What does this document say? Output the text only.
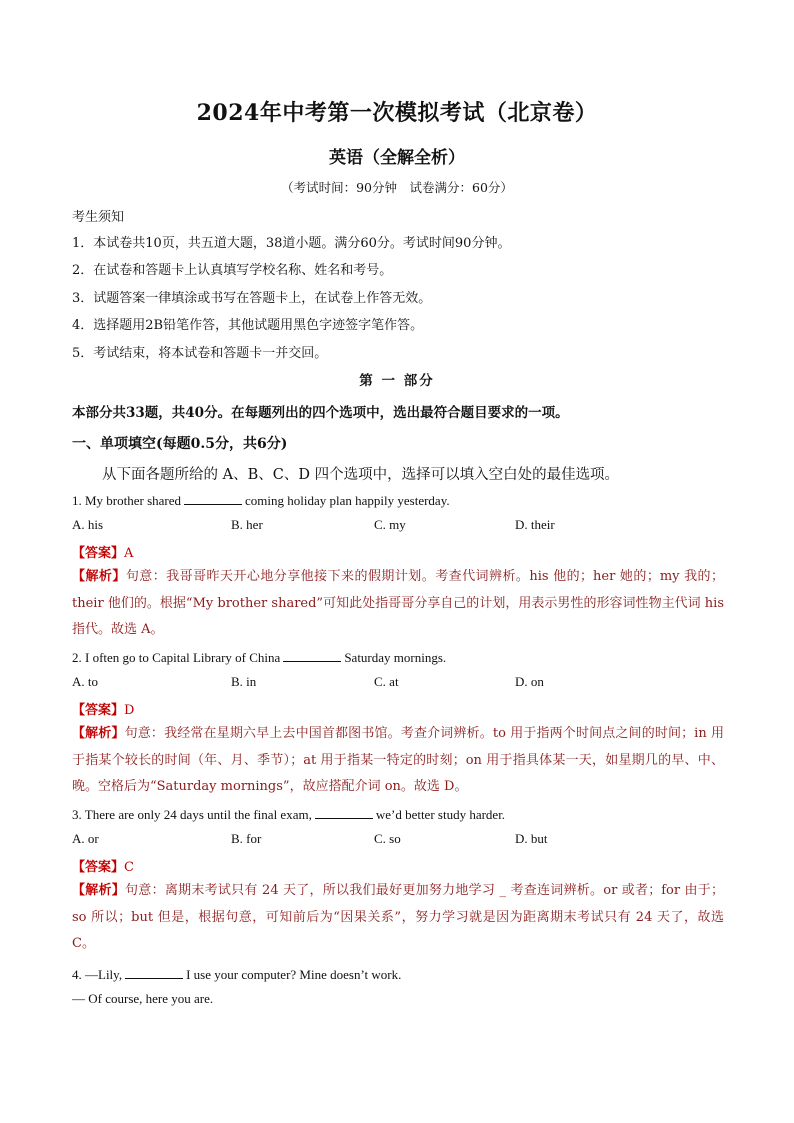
2024年中考第一次模拟考试（北京卷）
英语（全解全析）
（考试时间：90分钟　试卷满分：60分）
考生须知
1．本试卷共10页，共五道大题，38道小题。满分60分。考试时间90分钟。
2．在试卷和答题卡上认真填写学校名称、姓名和考号。
3．试题答案一律填涂或书写在答题卡上，在试卷上作答无效。
4．选择题用2B铅笔作答，其他试题用黑色字迹签字笔作答。
5．考试结束，将本试卷和答题卡一并交回。
第 一 部分
本部分共33题，共40分。在每题列出的四个选项中，选出最符合题目要求的一项。
一、单项填空(每题0.5分，共6分)
从下面各题所给的 A、B、C、D 四个选项中，选择可以填入空白处的最佳选项。
1. My brother shared	coming holiday plan happily yesterday.
A. his	B. her	C. my	D. their
【答案】A
【解析】句意：我哥哥昨天开心地分享他接下来的假期计划。考查代词辨析。his 他的；her 她的；my 我的；their 他们的。根据“My brother shared”可知此处指哥哥分享自己的计划，用表示男性的形容词性物主代词 his 指代。故选 A。
2. I often go to Capital Library of China	Saturday mornings.
A. to	B. in	C. at	D. on
【答案】D
【解析】句意：我经常在星期六早上去中国首都图书馆。考查介词辨析。to 用于指两个时间点之间的时间；in 用于指某个较长的时间（年、月、季节）；at 用于指某一特定的时刻；on 用于指具体某一天，如星期几的早、中、晚。空格后为“Saturday mornings”，故应搭配介词 on。故选 D。
3. There are only 24 days until the final exam,	we’d better study harder.
A. or	B. for	C. so	D. but
【答案】C
【解析】句意：离期末考试只有 24 天了，所以我们最好更加努力地学习 _ 考查连词辨析。or 或者；for 由于；so 所以；but 但是，根据句意，可知前后为“因果关系”，努力学习就是因为距离期末考试只有 24 天了，故选 C。
4. —Lily,	I use your computer? Mine doesn’t work.
— Of course, here you are.
